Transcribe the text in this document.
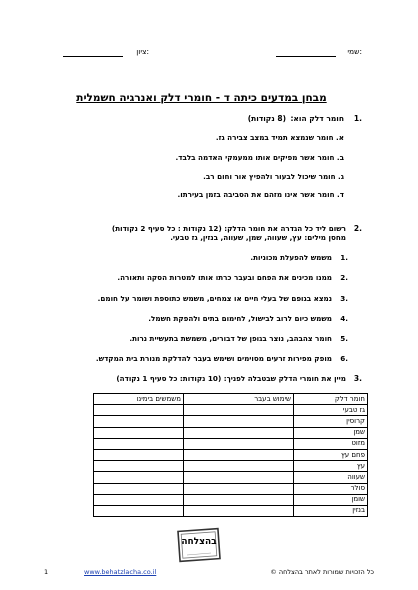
:שמי
:ציון
מבחן במדעים כיתה ד - חומרי דלק ואנרגיה חשמלית
.1
חומר דלק הוא:
(8 נקודות)
א. חומר שנמצא תמיד במצב צבירה גז.
ב. חומר אשר מפיקים אותו ממעמקי האדמה בלבד.
ג. חומר שיכול לבעור ולהפיץ אור וחום רב.
ד. חומר אשר אינו מזהם את הסביבה בזמן בעירתו.
.2
רשום ליד כל הגדרה את חומר הדלק: (12 נקודות : כל סעיף 2 נקודות)
מחסן מילים: עץ, שעווה, שמן, שעווה, בנזין, גז טבעי.
.1
משמש להפעלת מכוניות.
.2
ממנו מכינים את הפחם ובעבר כרתו אותו למטרות הסקה ותאורה.
.3
נמצא בגופם של בעלי חיים או צמחים, משמש כתוספת ושומר על חומם.
.4
משמש כיום לרוב לבישול, לחימום בתים ולהפקת חשמל.
.5
חומר צהבהב, נוצר בגופן של דבורים, משמשת בתעשיית נרות.
.6
מופק מפירות זרעים מסוימים ושימש בעבר להדלקת מנורת בית המקדש.
.3
מיין את חומרי הדלק שבטבלה לפניך: (10 נקודות: כל סעיף 1 נקודה)
משמשים בימינו	שימוש בעבר	חומר דלק
		גז טבעי
		קרוסין
		שמן
		מזוט
		פחם עץ
		עץ
		שעווה
		סולר
		שומן
		בנזין
בהצלחה
1	www.behatzlacha.co.il	כל הזכויות שמורות לאתר בהצלחה ©
